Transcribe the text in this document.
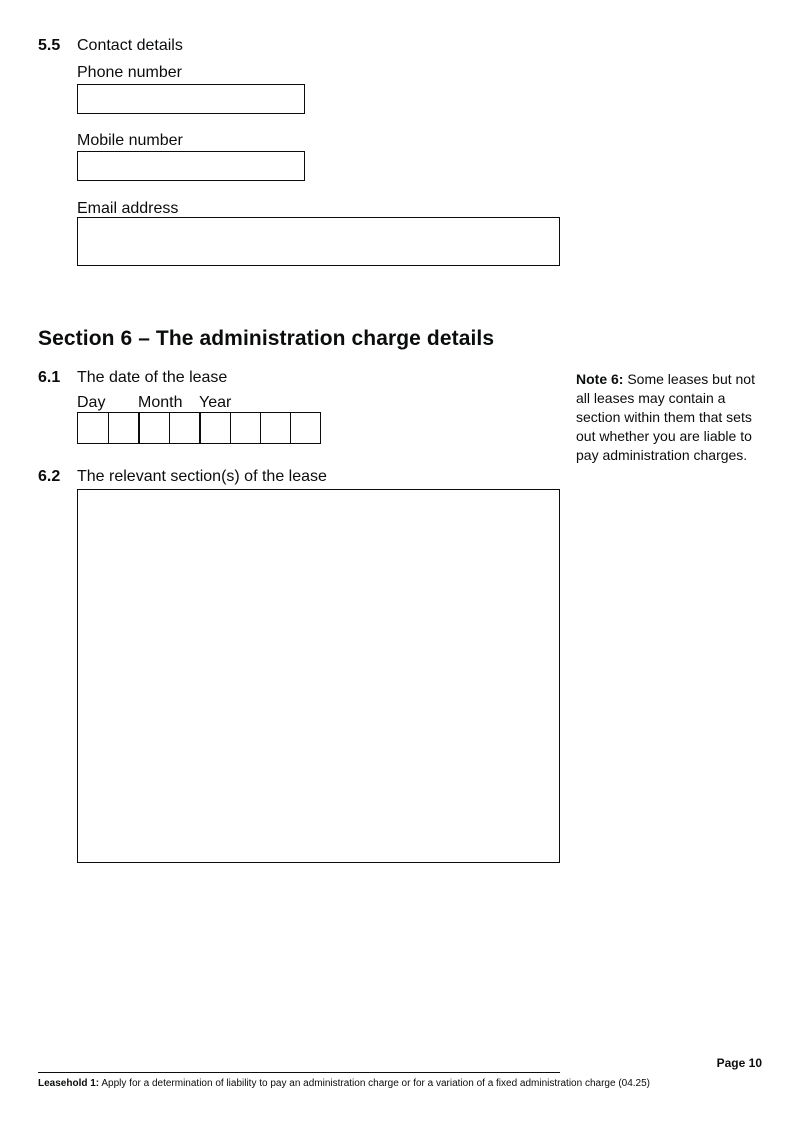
5.5 Contact details
Phone number
Mobile number
Email address
Section 6 – The administration charge details
6.1 The date of the lease
Day Month Year
6.2 The relevant section(s) of the lease
Note 6: Some leases but not all leases may contain a section within them that sets out whether you are liable to pay administration charges.
Page 10
Leasehold 1: Apply for a determination of liability to pay an administration charge or for a variation of a fixed administration charge (04.25)
